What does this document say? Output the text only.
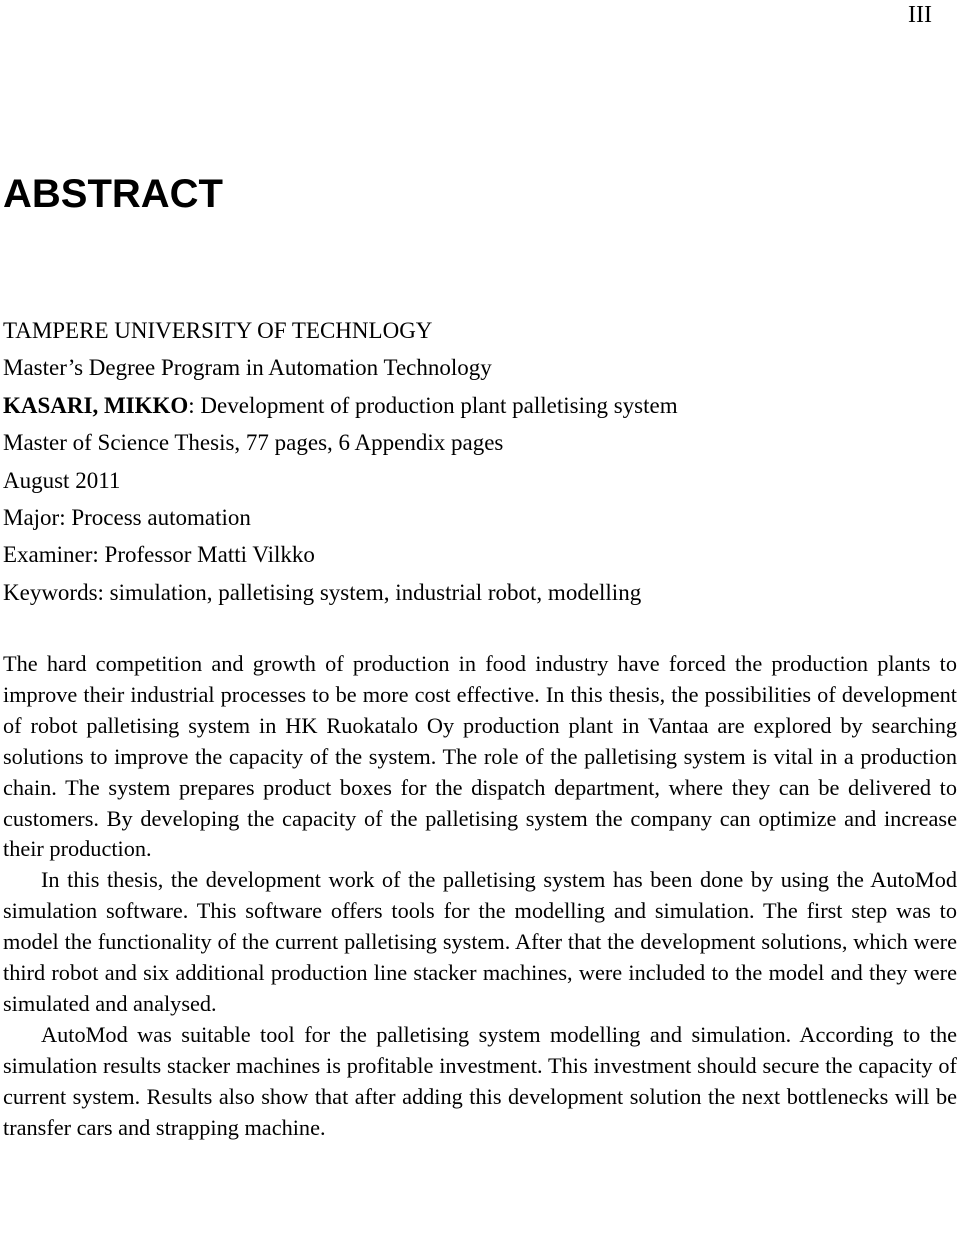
III
ABSTRACT
TAMPERE UNIVERSITY OF TECHNLOGY
Master’s Degree Program in Automation Technology
KASARI, MIKKO: Development of production plant palletising system
Master of Science Thesis, 77 pages, 6 Appendix pages
August 2011
Major: Process automation
Examiner: Professor Matti Vilkko
Keywords: simulation, palletising system, industrial robot, modelling

The hard competition and growth of production in food industry have forced the production plants to improve their industrial processes to be more cost effective. In this thesis, the possibilities of development of robot palletising system in HK Ruokatalo Oy production plant in Vantaa are explored by searching solutions to improve the capacity of the system. The role of the palletising system is vital in a production chain. The system prepares product boxes for the dispatch department, where they can be delivered to customers. By developing the capacity of the palletising system the company can optimize and increase their production.

In this thesis, the development work of the palletising system has been done by using the AutoMod simulation software. This software offers tools for the modelling and simulation. The first step was to model the functionality of the current palletising system. After that the development solutions, which were third robot and six additional production line stacker machines, were included to the model and they were simulated and analysed.

AutoMod was suitable tool for the palletising system modelling and simulation. According to the simulation results stacker machines is profitable investment. This investment should secure the capacity of current system. Results also show that after adding this development solution the next bottlenecks will be transfer cars and strapping machine.
